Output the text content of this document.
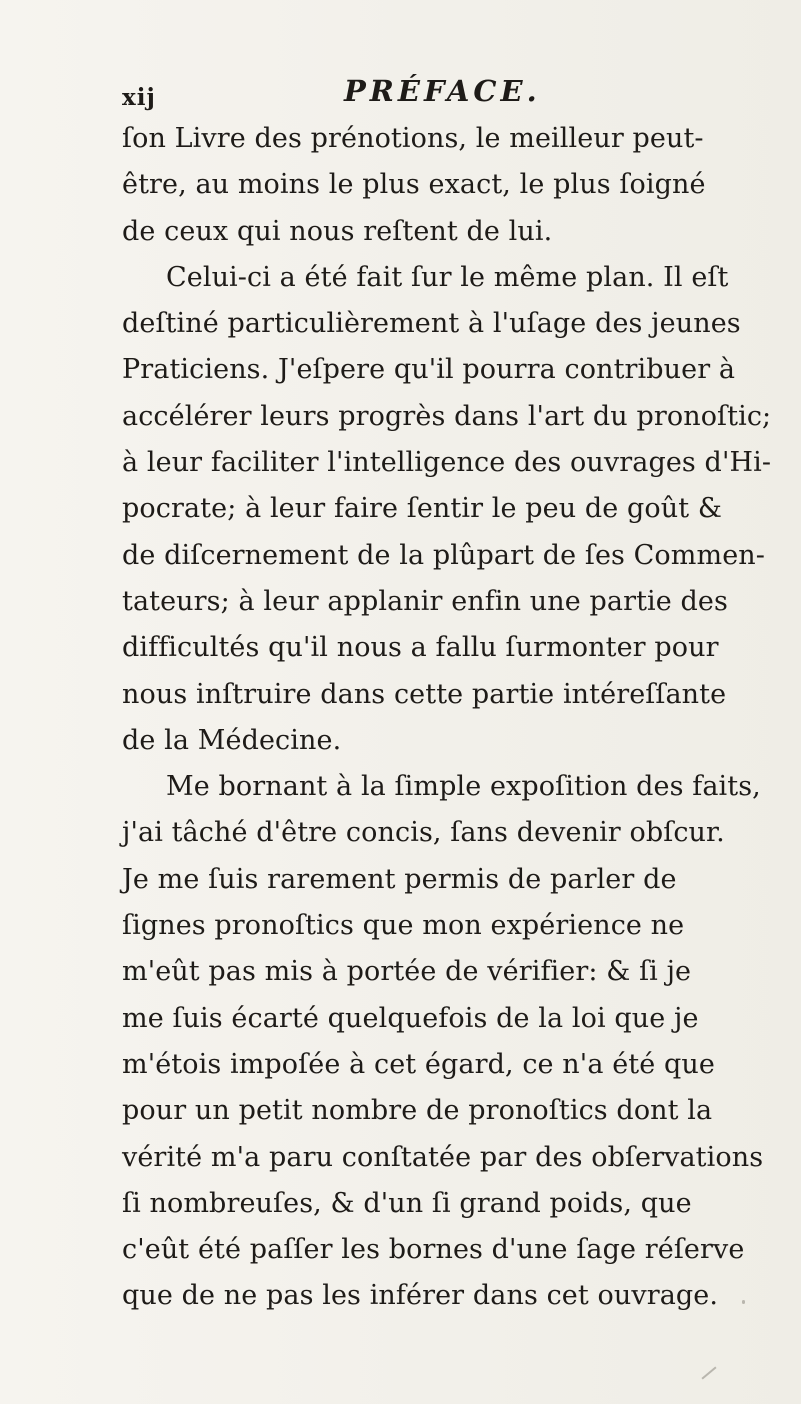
xij	PRÉFACE.
ſon Livre des prénotions, le meilleur peut-
être, au moins le plus exact, le plus ſoigné
de ceux qui nous reſtent de lui.
Celui-ci a été fait ſur le même plan. Il eſt
deſtiné particulièrement à l'uſage des jeunes
Praticiens. J'eſpere qu'il pourra contribuer à
accélérer leurs progrès dans l'art du pronoſtic;
à leur faciliter l'intelligence des ouvrages d'Hi-
pocrate; à leur faire ſentir le peu de goût &
de diſcernement de la plûpart de ſes Commen-
tateurs; à leur applanir enfin une partie des
difficultés qu'il nous a fallu ſurmonter pour
nous inſtruire dans cette partie intéreſſante
de la Médecine.
Me bornant à la ſimple expoſition des faits,
j'ai tâché d'être concis, ſans devenir obſcur.
Je me ſuis rarement permis de parler de
ſignes pronoſtics que mon expérience ne
m'eût pas mis à portée de vérifier: & ſi je
me ſuis écarté quelquefois de la loi que je
m'étois impoſée à cet égard, ce n'a été que
pour un petit nombre de pronoſtics dont la
vérité m'a paru conſtatée par des obſervations
ſi nombreuſes, & d'un ſi grand poids, que
c'eût été paſſer les bornes d'une ſage réſerve
que de ne pas les inférer dans cet ouvrage.
